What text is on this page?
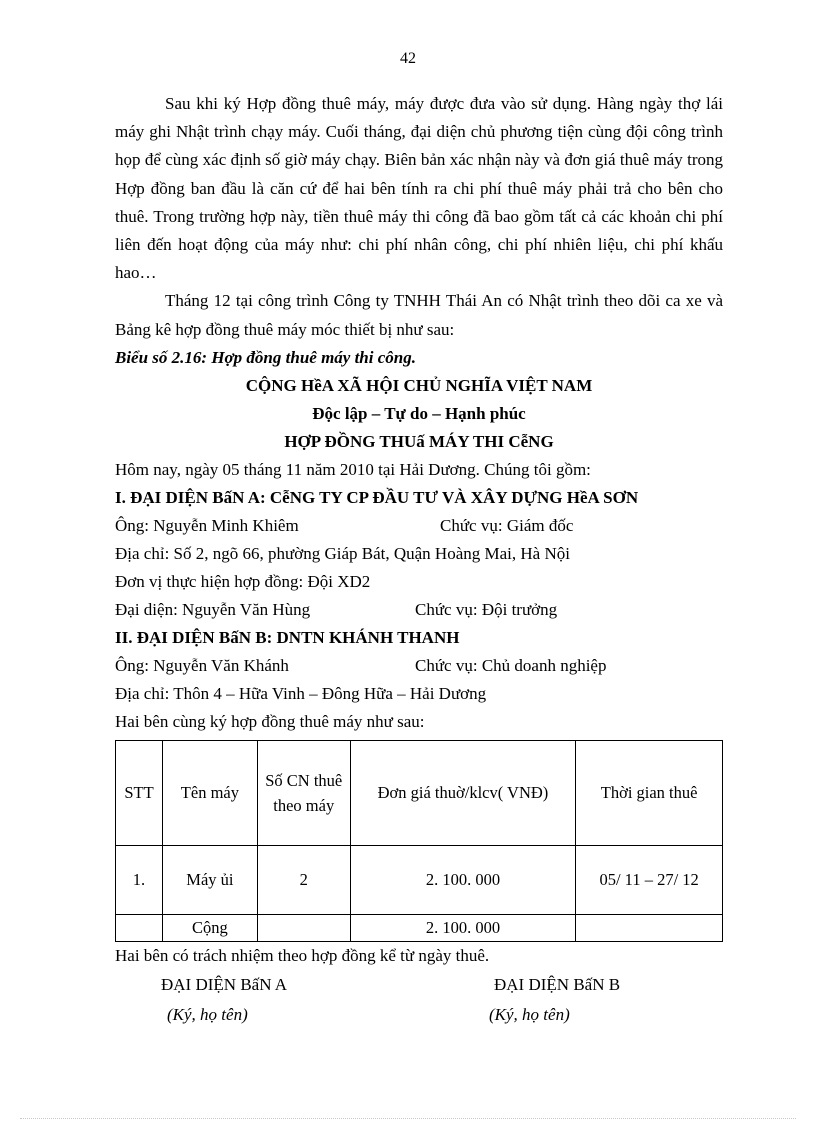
42

Sau khi ký Hợp đồng thuê máy, máy được đưa vào sử dụng. Hàng ngày thợ lái máy ghi Nhật trình chạy máy. Cuối tháng, đại diện chủ phương tiện cùng đội công trình họp để cùng xác định số giờ máy chạy. Biên bản xác nhận này và đơn giá thuê máy trong Hợp đồng ban đầu là căn cứ để hai bên tính ra chi phí thuê máy phải trả cho bên cho thuê. Trong trường hợp này, tiền thuê máy thi công đã bao gồm tất cả các khoản chi phí liên đến hoạt động của máy như: chi phí nhân công, chi phí nhiên liệu, chi phí khấu hao…

Tháng 12 tại công trình Công ty TNHH Thái An có Nhật trình theo dõi ca xe và Bảng kê hợp đồng thuê máy móc thiết bị như sau:

Biểu số 2.16: Hợp đồng thuê máy thi công.

CỘNG HềA XÃ HỘI CHỦ NGHĨA VIỆT NAM

Độc lập – Tự do – Hạnh phúc

HỢP ĐỒNG THUấ MÁY THI CễNG

Hôm nay, ngày 05 tháng 11 năm 2010 tại Hải Dương. Chúng tôi gồm:

I. ĐẠI DIỆN BấN A: CễNG TY CP ĐẦU TƯ VÀ XÂY DỰNG HềA SƠN

Ông: Nguyễn Minh Khiêm	Chức vụ: Giám đốc

Địa chỉ: Số 2, ngõ 66, phường Giáp Bát, Quận Hoàng Mai, Hà Nội

Đơn vị thực hiện hợp đồng: Đội XD2

Đại diện: Nguyễn Văn Hùng	Chức vụ: Đội trưởng

II. ĐẠI DIỆN BấN B: DNTN KHÁNH THANH

Ông: Nguyễn Văn Khánh	Chức vụ: Chủ doanh nghiệp

Địa chỉ: Thôn 4 – Hữa Vinh – Đông Hữa – Hải Dương

Hai bên cùng ký hợp đồng thuê máy như sau:

STT	Tên máy	Số CN thuê theo máy	Đơn giá thuờ/klcv( VNĐ)	Thời gian thuê
1.	Máy ủi	2	2. 100. 000	05/ 11 – 27/ 12
	Cộng		2. 100. 000	

Hai bên có trách nhiệm theo hợp đồng kể từ ngày thuê.

ĐẠI DIỆN BấN A
(Ký, họ tên)
ĐẠI DIỆN BấN B
(Ký, họ tên)
